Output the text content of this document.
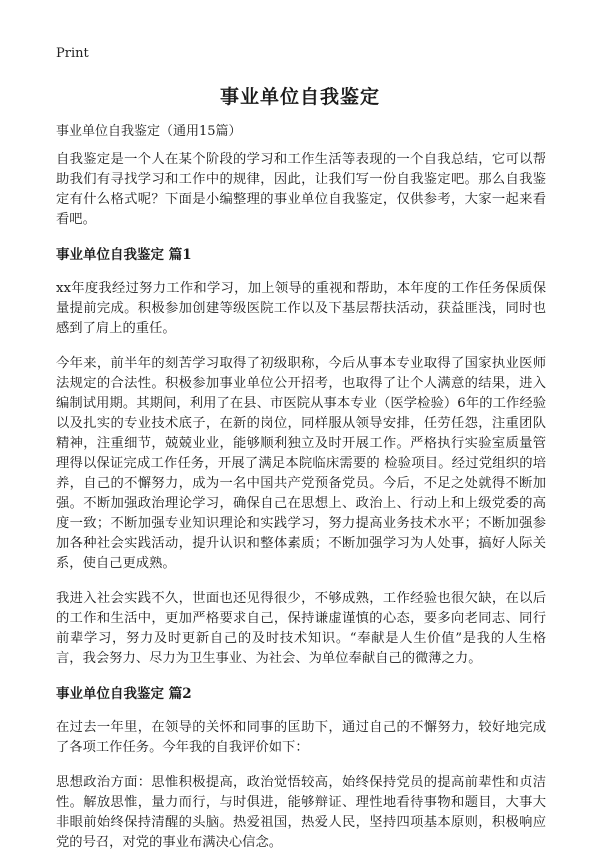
Print
事业单位自我鉴定
事业单位自我鉴定（通用15篇）

自我鉴定是一个人在某个阶段的学习和工作生活等表现的一个自我总结，它可以帮助我们有寻找学习和工作中的规律，因此，让我们写一份自我鉴定吧。那么自我鉴定有什么格式呢？下面是小编整理的事业单位自我鉴定，仅供参考，大家一起来看看吧。

事业单位自我鉴定 篇1

xx年度我经过努力工作和学习，加上领导的重视和帮助，本年度的工作任务保质保量提前完成。积极参加创建等级医院工作以及下基层帮扶活动，获益匪浅，同时也感到了肩上的重任。

今年来，前半年的刻苦学习取得了初级职称，今后从事本专业取得了国家执业医师法规定的合法性。积极参加事业单位公开招考，也取得了让个人满意的结果，进入编制试用期。其期间，利用了在县、市医院从事本专业（医学检验）6年的工作经验以及扎实的专业技术底子，在新的岗位，同样服从领导安排，任劳任怨，注重团队精神，注重细节，兢兢业业，能够顺利独立及时开展工作。严格执行实验室质量管理得以保证完成工作任务，开展了满足本院临床需要的 检验项目。经过党组织的培养，自己的不懈努力，成为一名中国共产党预备党员。今后，不足之处就得不断加强。不断加强政治理论学习，确保自己在思想上、政治上、行动上和上级党委的高度一致；不断加强专业知识理论和实践学习，努力提高业务技术水平；不断加强参加各种社会实践活动，提升认识和整体素质；不断加强学习为人处事，搞好人际关系，使自己更成熟。

我进入社会实践不久，世面也还见得很少，不够成熟，工作经验也很欠缺，在以后的工作和生活中，更加严格要求自己，保持谦虚谨慎的心态，要多向老同志、同行前辈学习，努力及时更新自己的及时技术知识。“奉献是人生价值”是我的人生格言，我会努力、尽力为卫生事业、为社会、为单位奉献自己的微薄之力。

事业单位自我鉴定 篇2

在过去一年里，在领导的关怀和同事的匡助下，通过自己的不懈努力，较好地完成了各项工作任务。今年我的自我评价如下：

思想政治方面：思惟积极提高，政治觉悟较高，始终保持党员的提高前辈性和贞洁性。解放思惟，量力而行，与时俱进，能够辩证、理性地看待事物和题目，大事大非眼前始终保持清醒的头脑。热爱祖国，热爱人民，坚持四项基本原则，积极响应党的号召，对党的事业布满决心信念。
